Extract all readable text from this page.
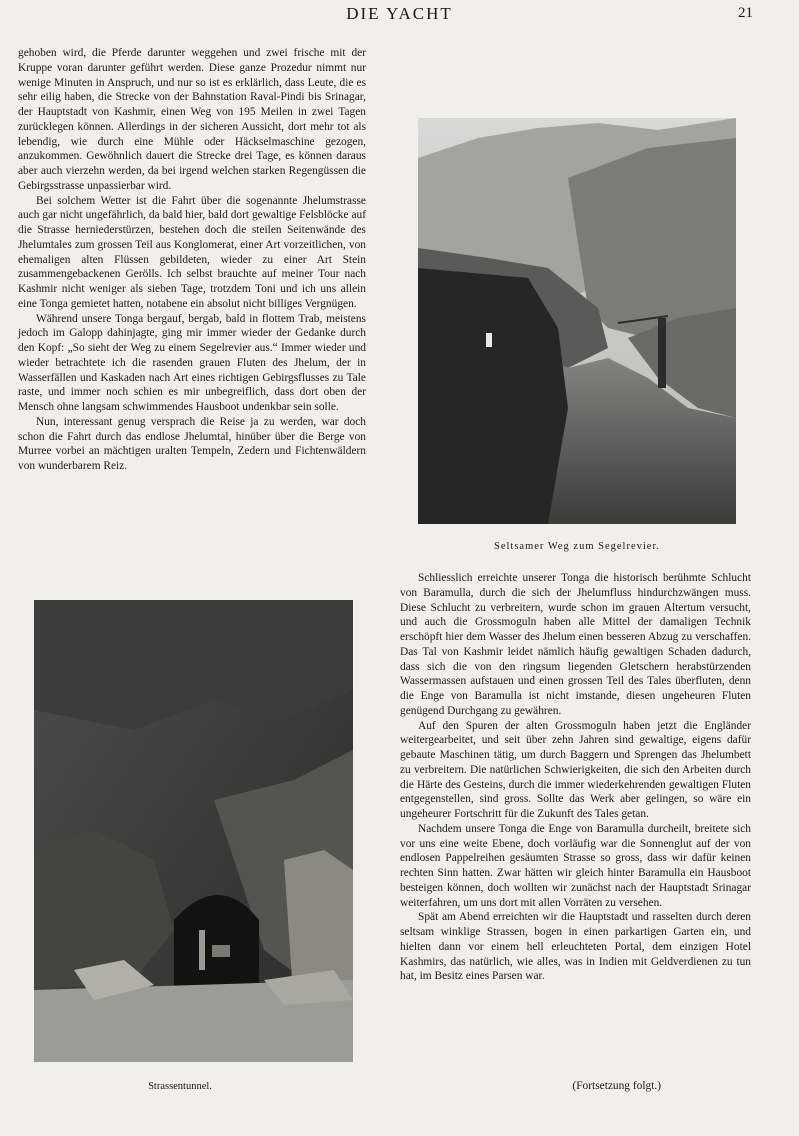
DIE YACHT	21

gehoben wird, die Pferde darunter weggehen und zwei frische mit der Kruppe voran darunter geführt werden. Diese ganze Prozedur nimmt nur wenige Minuten in Anspruch, und nur so ist es erklärlich, dass Leute, die es sehr eilig haben, die Strecke von der Bahnstation Raval-Pindi bis Srinagar, der Hauptstadt von Kashmir, einen Weg von 195 Meilen in zwei Tagen zurücklegen können. Allerdings in der sicheren Aussicht, dort mehr tot als lebendig, wie durch eine Mühle oder Häckselmaschine gezogen, anzukommen. Gewöhnlich dauert die Strecke drei Tage, es können daraus aber auch vierzehn werden, da bei irgend welchen starken Regengüssen die Gebirgsstrasse unpassierbar wird.

Bei solchem Wetter ist die Fahrt über die sogenannte Jhelumstrasse auch gar nicht ungefährlich, da bald hier, bald dort gewaltige Felsblöcke auf die Strasse herniederstürzen, bestehen doch die steilen Seitenwände des Jhelumtales zum grossen Teil aus Konglomerat, einer Art vorzeitlichen, von ehemaligen alten Flüssen gebildeten, wieder zu einer Art Stein zusammengebackenen Gerölls. Ich selbst brauchte auf meiner Tour nach Kashmir nicht weniger als sieben Tage, trotzdem Toni und ich uns allein eine Tonga gemietet hatten, notabene ein absolut nicht billiges Vergnügen.

Während unsere Tonga bergauf, bergab, bald in flottem Trab, meistens jedoch im Galopp dahinjagte, ging mir immer wieder der Gedanke durch den Kopf: „So sieht der Weg zu einem Segelrevier aus.“ Immer wieder und wieder betrachtete ich die rasenden grauen Fluten des Jhelum, der in Wasserfällen und Kaskaden nach Art eines richtigen Gebirgsflusses zu Tale raste, und immer noch schien es mir unbegreiflich, dass dort oben der Mensch ohne langsam schwimmendes Hausboot undenkbar sein solle.

Nun, interessant genug versprach die Reise ja zu werden, war doch schon die Fahrt durch das endlose Jhelumtal, hinüber über die Berge von Murree vorbei an mächtigen uralten Tempeln, Zedern und Fichtenwäldern von wunderbarem Reiz.

Seltsamer Weg zum Segelrevier.
Strassentunnel.

Schliesslich erreichte unserer Tonga die historisch berühmte Schlucht von Baramulla, durch die sich der Jhelumfluss hindurchzwängen muss. Diese Schlucht zu verbreitern, wurde schon im grauen Altertum versucht, und auch die Grossmoguln haben alle Mittel der damaligen Technik erschöpft hier dem Wasser des Jhelum einen besseren Abzug zu verschaffen. Das Tal von Kashmir leidet nämlich häufig gewaltigen Schaden dadurch, dass sich die von den ringsum liegenden Gletschern herabstürzenden Wassermassen aufstauen und einen grossen Teil des Tales überfluten, denn die Enge von Baramulla ist nicht imstande, diesen ungeheuren Fluten genügend Durchgang zu gewähren.

Auf den Spuren der alten Grossmoguln haben jetzt die Engländer weitergearbeitet, und seit über zehn Jahren sind gewaltige, eigens dafür gebaute Maschinen tätig, um durch Baggern und Sprengen das Jhelumbett zu verbreitern. Die natürlichen Schwierigkeiten, die sich den Arbeiten durch die Härte des Gesteins, durch die immer wiederkehrenden gewaltigen Fluten entgegenstellen, sind gross. Sollte das Werk aber gelingen, so wäre ein ungeheurer Fortschritt für die Zukunft des Tales getan.

Nachdem unsere Tonga die Enge von Baramulla durcheilt, breitete sich vor uns eine weite Ebene, doch vorläufig war die Sonnenglut auf der von endlosen Pappelreihen gesäumten Strasse so gross, dass wir dafür keinen rechten Sinn hatten. Zwar hätten wir gleich hinter Baramulla ein Hausboot besteigen können, doch wollten wir zunächst nach der Hauptstadt Srinagar weiterfahren, um uns dort mit allen Vorräten zu versehen.

Spät am Abend erreichten wir die Hauptstadt und rasselten durch deren seltsam winklige Strassen, bogen in einen parkartigen Garten ein, und hielten dann vor einem hell erleuchteten Portal, dem einzigen Hotel Kashmirs, das natürlich, wie alles, was in Indien mit Geldverdienen zu tun hat, im Besitz eines Parsen war.

(Fortsetzung folgt.)
